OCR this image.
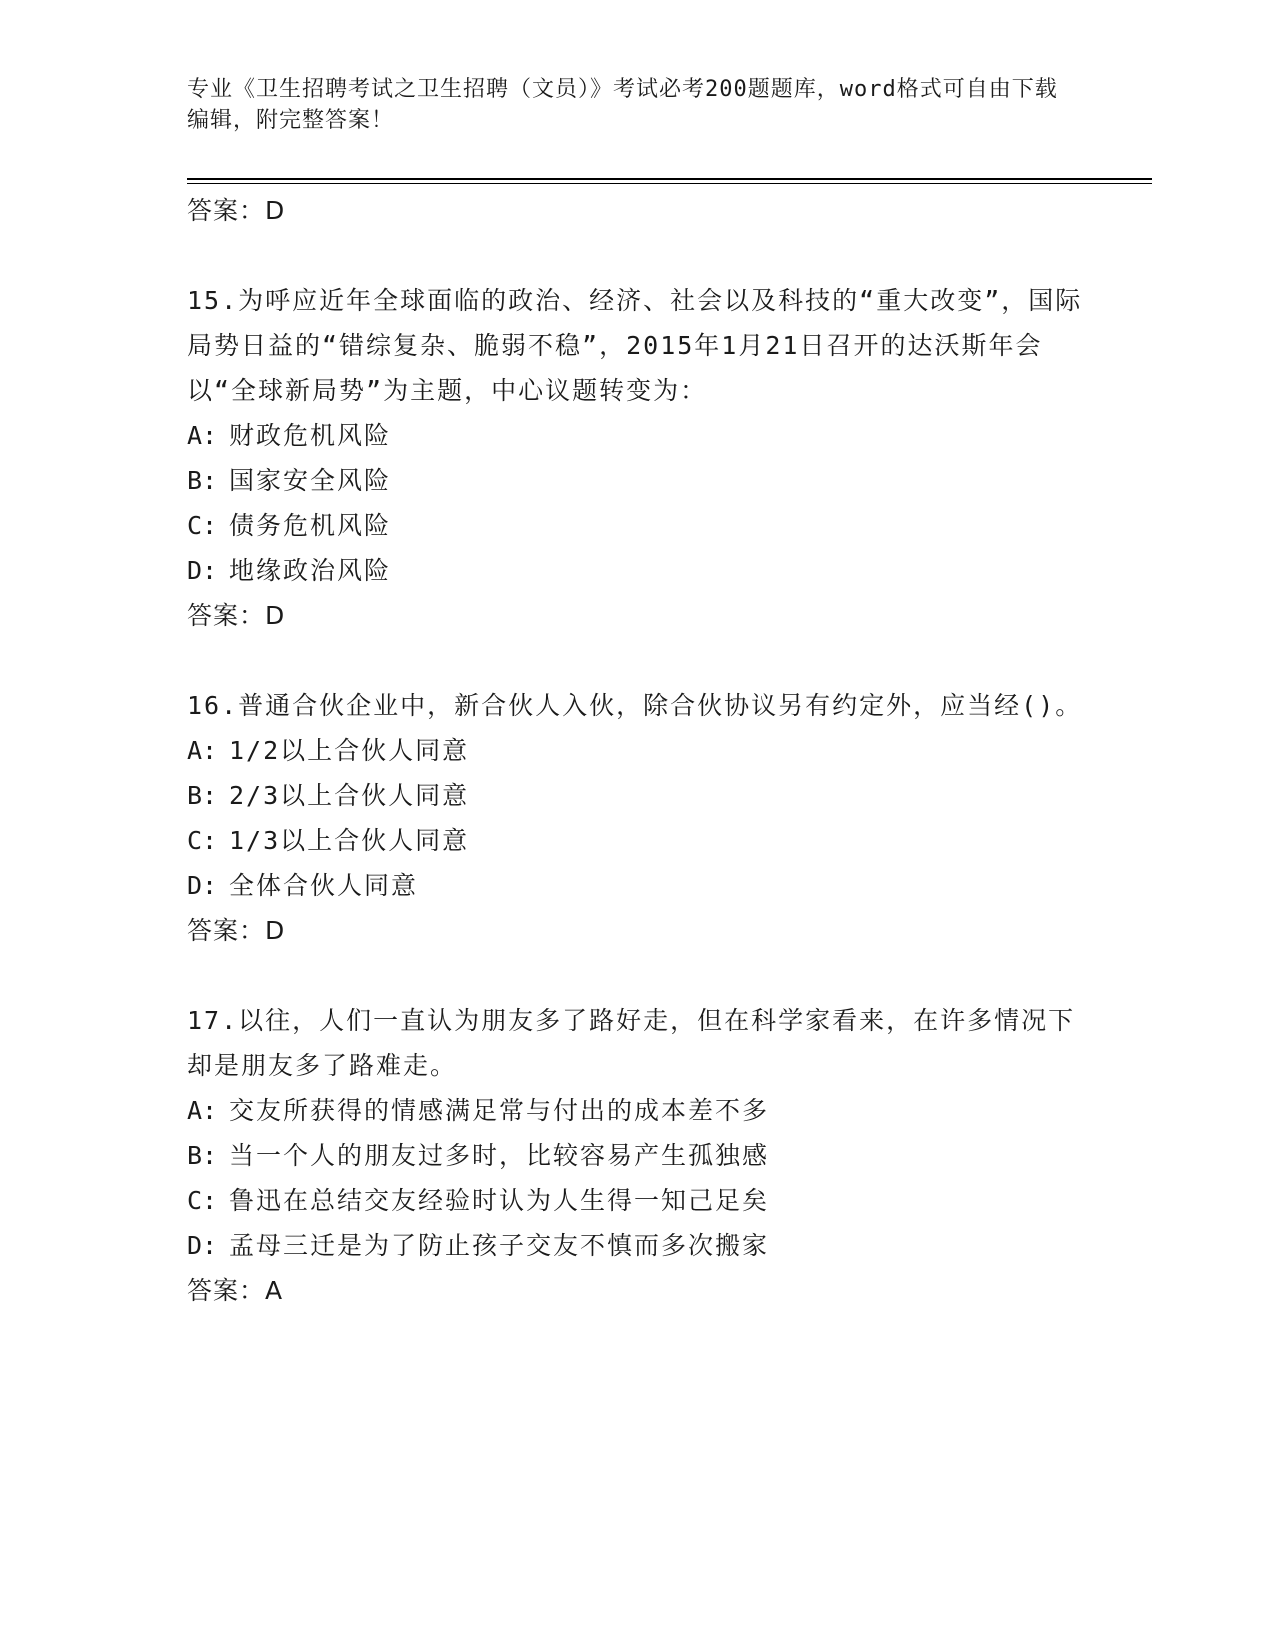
专业《卫生招聘考试之卫生招聘（文员）》考试必考200题题库，word格式可自由下载编辑，附完整答案！
答案：D
15.为呼应近年全球面临的政治、经济、社会以及科技的“重大改变”，国际局势日益的“错综复杂、脆弱不稳”，2015年1月21日召开的达沃斯年会以“全球新局势”为主题，中心议题转变为：
A: 财政危机风险
B: 国家安全风险
C: 债务危机风险
D: 地缘政治风险
答案：D
16.普通合伙企业中，新合伙人入伙，除合伙协议另有约定外，应当经()。
A: 1/2以上合伙人同意
B: 2/3以上合伙人同意
C: 1/3以上合伙人同意
D: 全体合伙人同意
答案：D
17.以往，人们一直认为朋友多了路好走，但在科学家看来，在许多情况下却是朋友多了路难走。
A: 交友所获得的情感满足常与付出的成本差不多
B: 当一个人的朋友过多时，比较容易产生孤独感
C: 鲁迅在总结交友经验时认为人生得一知己足矣
D: 孟母三迁是为了防止孩子交友不慎而多次搬家
答案：A
